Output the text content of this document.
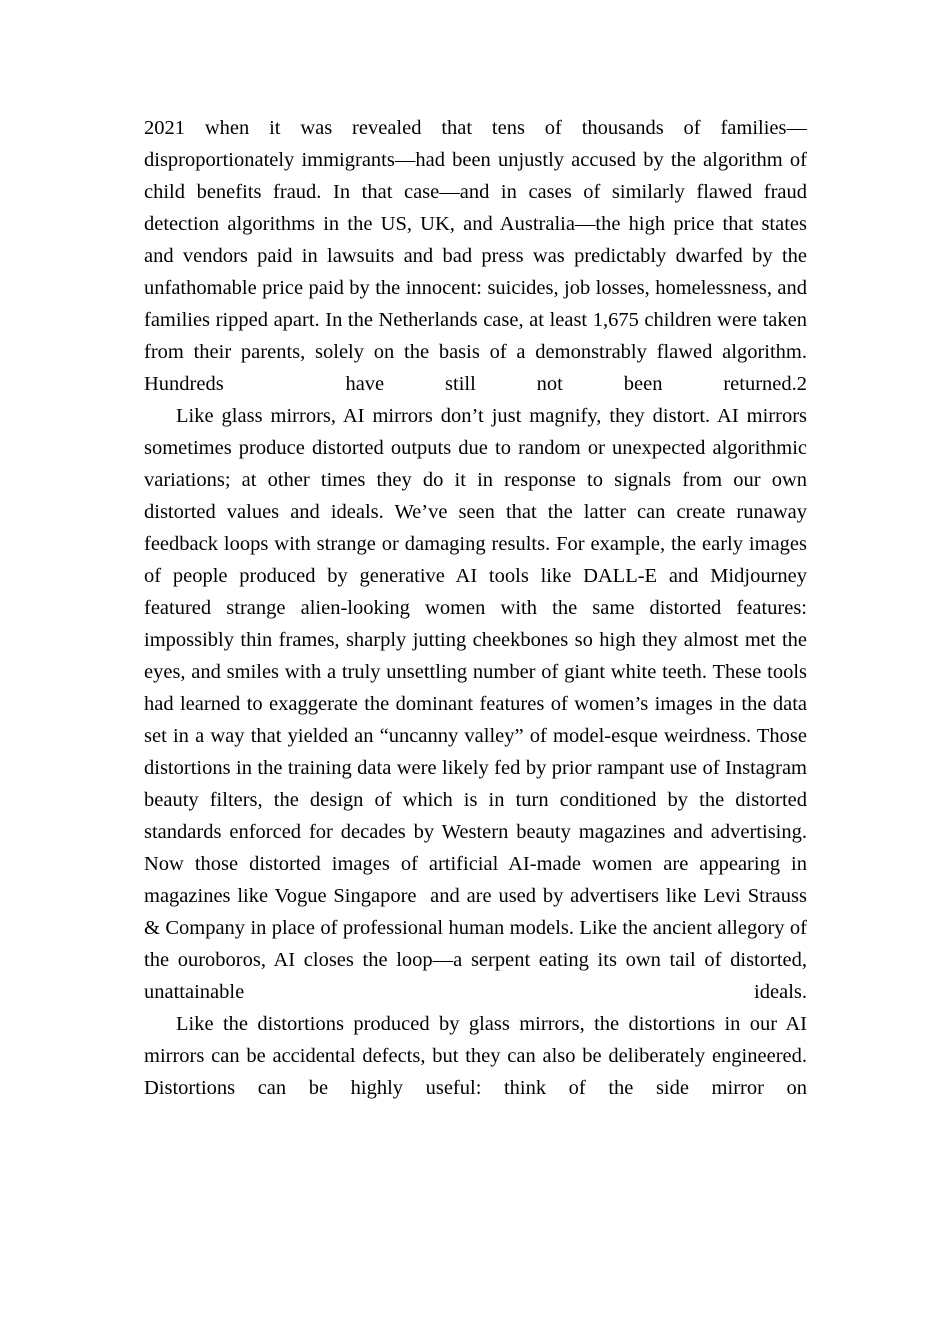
2021 when it was revealed that tens of thousands of families—disproportionately immigrants—had been unjustly accused by the algorithm of child benefits fraud. In that case—and in cases of similarly flawed fraud detection algorithms in the US, UK, and Australia—the high price that states and vendors paid in lawsuits and bad press was predictably dwarfed by the unfathomable price paid by the innocent: suicides, job losses, homelessness, and families ripped apart. In the Netherlands case, at least 1,675 children were taken from their parents, solely on the basis of a demonstrably flawed algorithm. Hundreds  have still not been returned.2

Like glass mirrors, AI mirrors don’t just magnify, they distort. AI mirrors sometimes produce distorted outputs due to random or unexpected algorithmic variations; at other times they do it in response to signals from our own distorted values and ideals. We’ve seen that the latter can create runaway feedback loops with strange or damaging results. For example, the early images of people produced by generative AI tools like DALL-E and Midjourney featured strange alien-looking women with the same distorted features: impossibly thin frames, sharply jutting cheekbones so high they almost met the eyes, and smiles with a truly unsettling number of giant white teeth. These tools had learned to exaggerate the dominant features of women’s images in the data set in a way that yielded an “uncanny valley” of model-esque weirdness. Those distortions in the training data were likely fed by prior rampant use of Instagram beauty filters, the design of which is in turn conditioned by the distorted standards enforced for decades by Western beauty magazines and advertising. Now those distorted images of artificial AI-made women are appearing in magazines like Vogue Singapore  and are used by advertisers like Levi Strauss & Company in place of professional human models. Like the ancient allegory of the ouroboros, AI closes the loop—a serpent eating its own tail of distorted, unattainable ideals.

Like the distortions produced by glass mirrors, the distortions in our AI mirrors can be accidental defects, but they can also be deliberately engineered. Distortions can be highly useful: think of the side mirror on
